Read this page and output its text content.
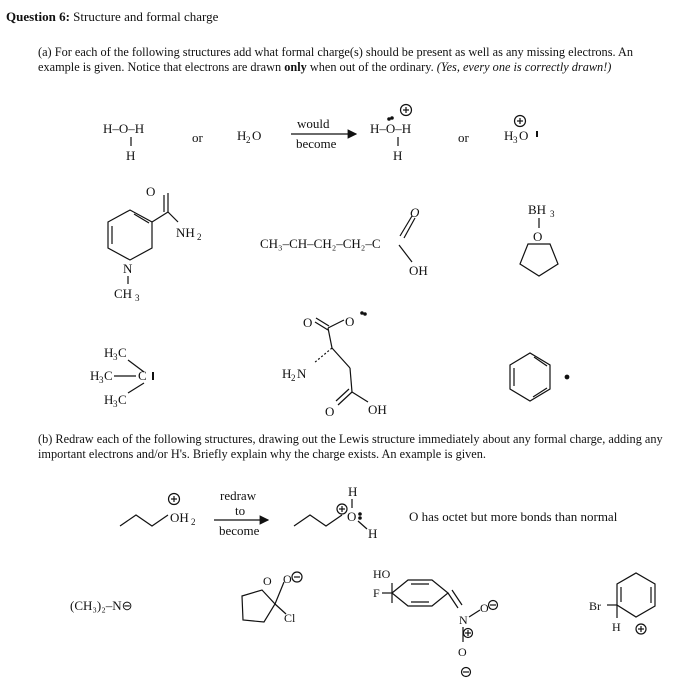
Question 6: Structure and formal charge
(a) For each of the following structures add what formal charge(s) should be present as well as any missing electrons. An example is given. Notice that electrons are drawn only when out of the ordinary. (Yes, every one is correctly drawn!)
(b) Redraw each of the following structures, drawing out the Lewis structure immediately about any formal charge, adding any important electrons and/or H's. Briefly explain why the charge exists. An example is given.
H–O–H
H
or	H 2 O
would
become
H–O–H
H
or	H 3 O
O
NH 2
N
CH 3
CH₃–CH–CH₂–CH₂–C
O
OH
BH 3
O
H 3 C
H 3 C C
H 3 C
O	O
H 2 N
O	OH
OH 2
redraw
to
become
H
O
H
O has octet but more bonds than normal
(CH₃)₂–N⊖
O O
Cl
HO
F
N
O
O
Br
H
